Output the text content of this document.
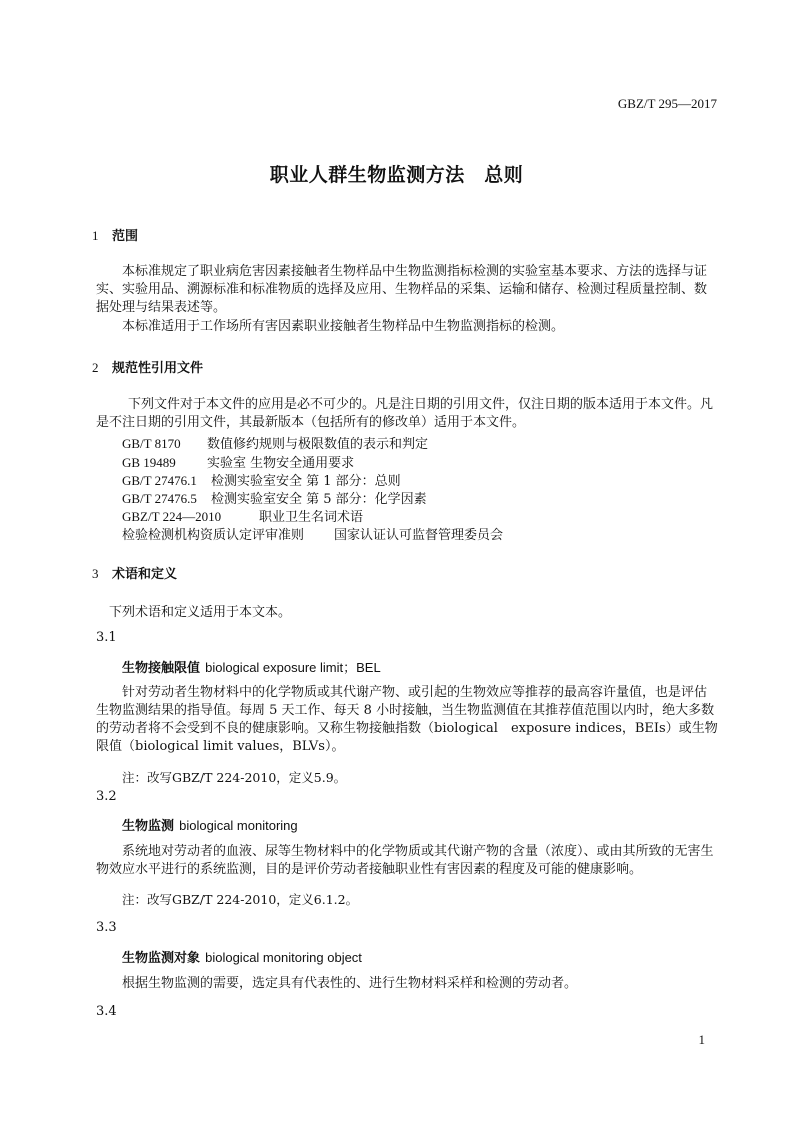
GBZ/T 295—2017
职业人群生物监测方法　总则
1 范围
本标准规定了职业病危害因素接触者生物样品中生物监测指标检测的实验室基本要求、方法的选择与证实、实验用品、溯源标准和标准物质的选择及应用、生物样品的采集、运输和储存、检测过程质量控制、数据处理与结果表述等。
本标准适用于工作场所有害因素职业接触者生物样品中生物监测指标的检测。
2 规范性引用文件
下列文件对于本文件的应用是必不可少的。凡是注日期的引用文件，仅注日期的版本适用于本文件。凡是不注日期的引用文件，其最新版本（包括所有的修改单）适用于本文件。
GB/T 8170 数值修约规则与极限数值的表示和判定
GB 19489 实验室 生物安全通用要求
GB/T 27476.1 检测实验室安全 第 1 部分：总则
GB/T 27476.5 检测实验室安全 第 5 部分：化学因素
GBZ/T 224—2010	职业卫生名词术语
检验检测机构资质认定评审准则 国家认证认可监督管理委员会
3 术语和定义
下列术语和定义适用于本文本。
3.1
生物接触限值 biological exposure limit；BEL
针对劳动者生物材料中的化学物质或其代谢产物、或引起的生物效应等推荐的最高容许量值，也是评估生物监测结果的指导值。每周 5 天工作、每天 8 小时接触，当生物监测值在其推荐值范围以内时，绝大多数的劳动者将不会受到不良的健康影响。又称生物接触指数（biological　exposure indices，BEIs）或生物限值（biological limit values，BLVs）。
注：改写GBZ/T 224-2010，定义5.9。
3.2
生物监测 biological monitoring
系统地对劳动者的血液、尿等生物材料中的化学物质或其代谢产物的含量（浓度）、或由其所致的无害生物效应水平进行的系统监测，目的是评价劳动者接触职业性有害因素的程度及可能的健康影响。
注：改写GBZ/T 224-2010，定义6.1.2。
3.3
生物监测对象 biological monitoring object
根据生物监测的需要，选定具有代表性的、进行生物材料采样和检测的劳动者。
3.4
1
